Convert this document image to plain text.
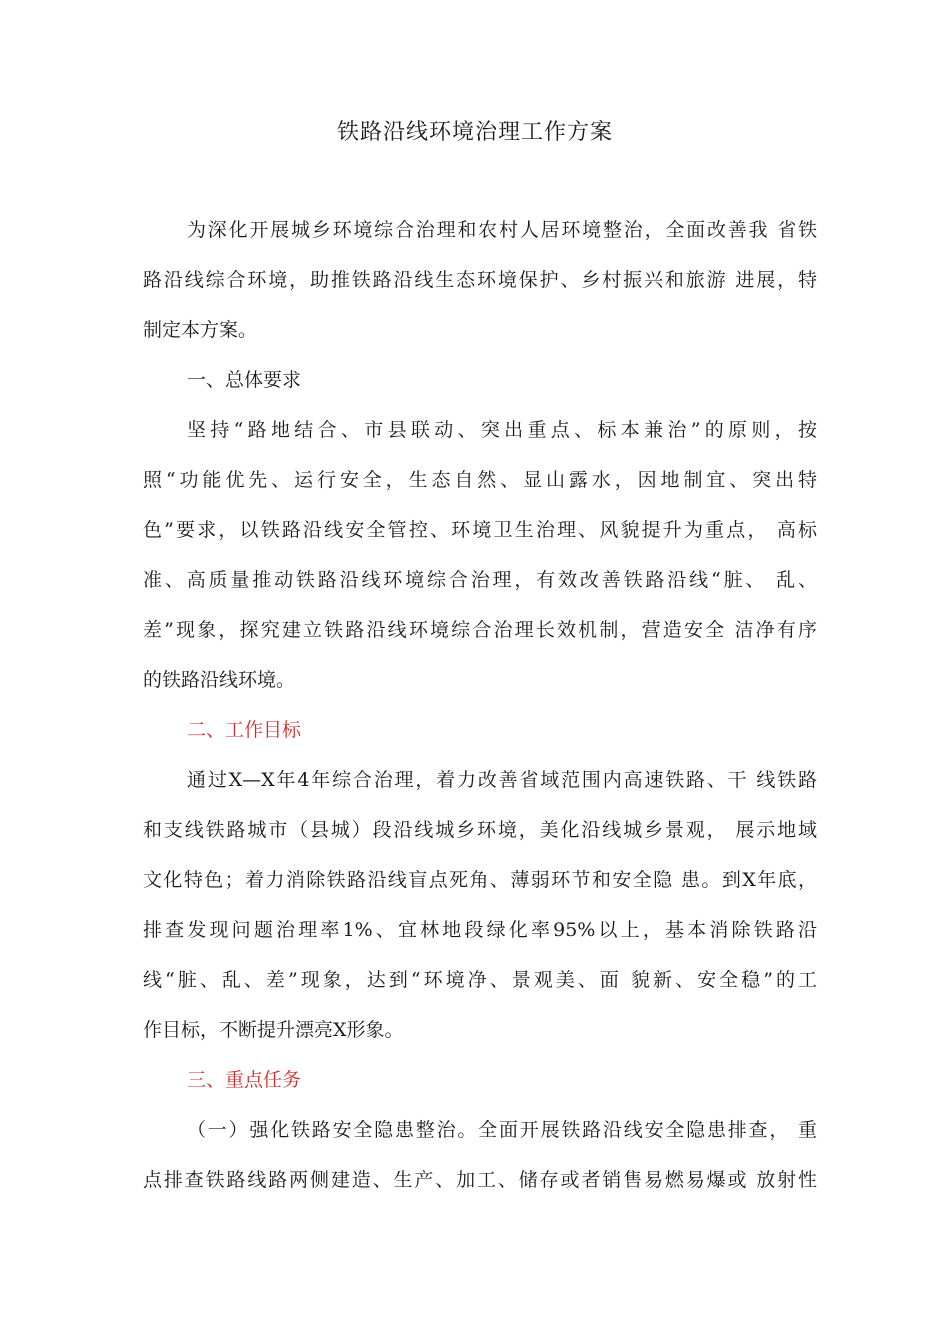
铁路沿线环境治理工作方案
为深化开展城乡环境综合治理和农村人居环境整治，全面改善我 省铁
路沿线综合环境，助推铁路沿线生态环境保护、乡村振兴和旅游 进展，特
制定本方案。
一、总体要求
坚持“路地结合、市县联动、突出重点、标本兼治”的原则，按
照“功能优先、运行安全，生态自然、显山露水，因地制宜、突出特
色”要求，以铁路沿线安全管控、环境卫生治理、风貌提升为重点， 高标
准、高质量推动铁路沿线环境综合治理，有效改善铁路沿线“脏、 乱、
差”现象，探究建立铁路沿线环境综合治理长效机制，营造安全 洁净有序
的铁路沿线环境。
二、工作目标
通过X—X年4年综合治理，着力改善省域范围内高速铁路、干 线铁路
和支线铁路城市（县城）段沿线城乡环境，美化沿线城乡景观， 展示地域
文化特色；着力消除铁路沿线盲点死角、薄弱环节和安全隐 患。到X年底，
排查发现问题治理率1%、宜林地段绿化率95%以上，基本消除铁路沿
线“脏、乱、差”现象，达到“环境净、景观美、面 貌新、安全稳”的工
作目标，不断提升漂亮X形象。
三、重点任务
（一）强化铁路安全隐患整治。全面开展铁路沿线安全隐患排查， 重
点排查铁路线路两侧建造、生产、加工、储存或者销售易燃易爆或 放射性
